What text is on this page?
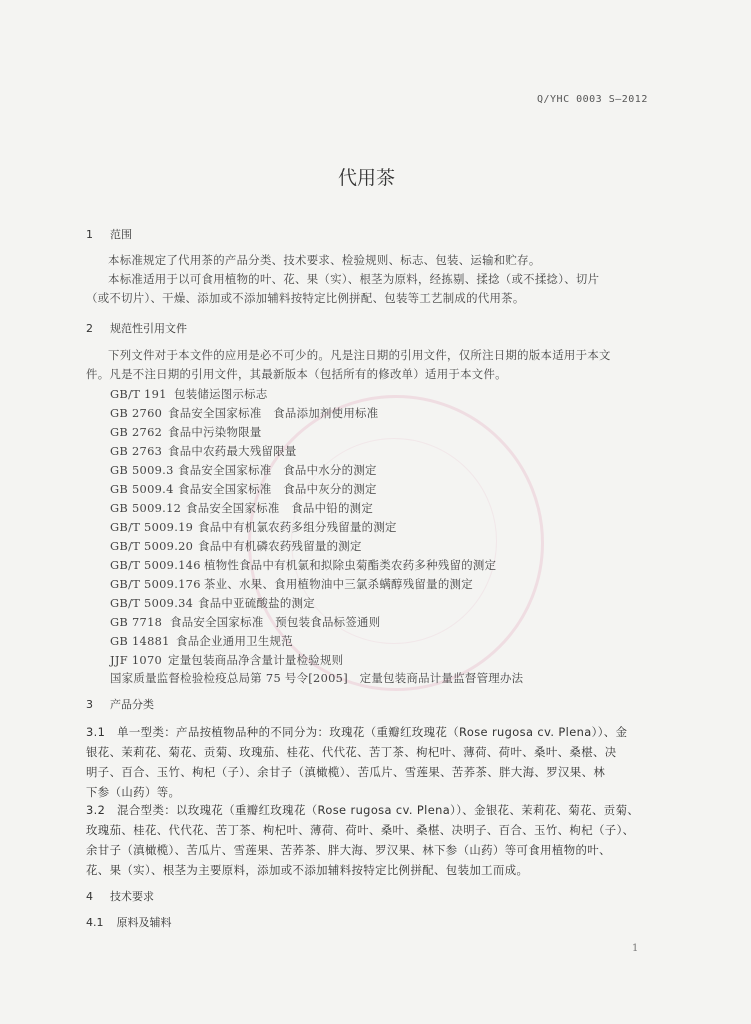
Q/YHC 0003 S—2012
代用茶
1 范围
本标准规定了代用茶的产品分类、技术要求、检验规则、标志、包装、运输和贮存。
本标准适用于以可食用植物的叶、花、果（实）、根茎为原料，经拣剔、揉捻（或不揉捻）、切片
（或不切片）、干燥、添加或不添加辅料按特定比例拼配、包装等工艺制成的代用茶。
2 规范性引用文件
下列文件对于本文件的应用是必不可少的。凡是注日期的引用文件，仅所注日期的版本适用于本文
件。凡是不注日期的引用文件，其最新版本（包括所有的修改单）适用于本文件。
GB/T 191 包装储运图示标志
GB 2760 食品安全国家标准　食品添加剂使用标准
GB 2762 食品中污染物限量
GB 2763 食品中农药最大残留限量
GB 5009.3 食品安全国家标准　食品中水分的测定
GB 5009.4 食品安全国家标准　食品中灰分的测定
GB 5009.12 食品安全国家标准　食品中铅的测定
GB/T 5009.19 食品中有机氯农药多组分残留量的测定
GB/T 5009.20 食品中有机磷农药残留量的测定
GB/T 5009.146 植物性食品中有机氯和拟除虫菊酯类农药多种残留的测定
GB/T 5009.176 茶业、水果、食用植物油中三氯杀螨醇残留量的测定
GB/T 5009.34 食品中亚硫酸盐的测定
GB 7718 食品安全国家标准　预包装食品标签通则
GB 14881 食品企业通用卫生规范
JJF 1070 定量包装商品净含量计量检验规则
国家质量监督检验检疫总局第 75 号令[2005]　定量包装商品计量监督管理办法
3 产品分类
3.1　单一型类：产品按植物品种的不同分为：玫瑰花（重瓣红玫瑰花（Rose rugosa cv. Plena））、金
银花、茉莉花、菊花、贡菊、玫瑰茄、桂花、代代花、苦丁茶、枸杞叶、薄荷、荷叶、桑叶、桑椹、决
明子、百合、玉竹、枸杞（子）、余甘子（滇橄榄）、苦瓜片、雪莲果、苦荞茶、胖大海、罗汉果、林
下参（山药）等。
3.2　混合型类：以玫瑰花（重瓣红玫瑰花（Rose rugosa cv. Plena））、金银花、茉莉花、菊花、贡菊、
玫瑰茄、桂花、代代花、苦丁茶、枸杞叶、薄荷、荷叶、桑叶、桑椹、决明子、百合、玉竹、枸杞（子）、
余甘子（滇橄榄）、苦瓜片、雪莲果、苦荞茶、胖大海、罗汉果、林下参（山药）等可食用植物的叶、
花、果（实）、根茎为主要原料，添加或不添加辅料按特定比例拼配、包装加工而成。
4 技术要求
4.1 原料及辅料
1
